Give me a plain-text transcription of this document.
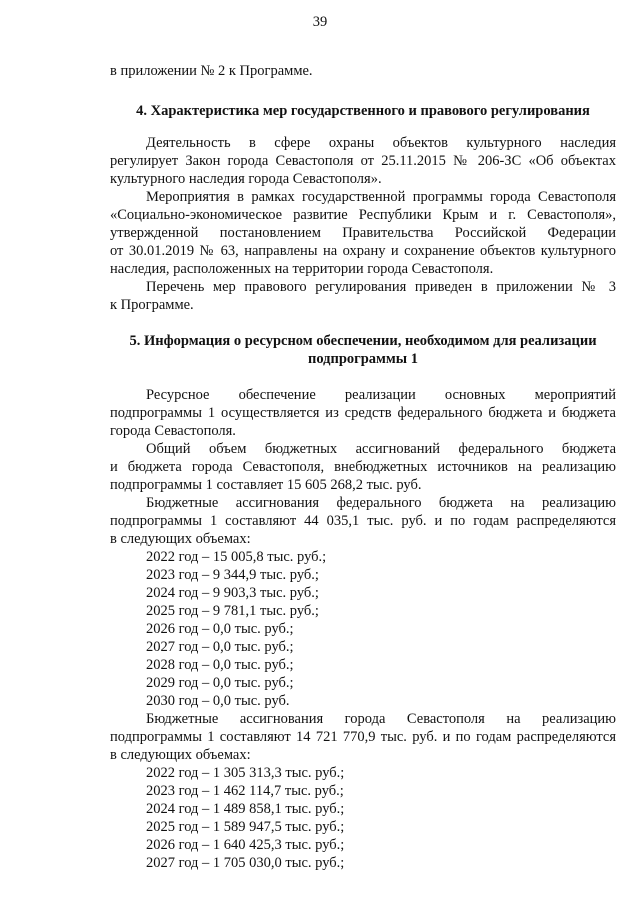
39
в приложении № 2 к Программе.
4. Характеристика мер государственного и правового регулирования
Деятельность в сфере охраны объектов культурного наследия
регулирует Закон города Севастополя от 25.11.2015 № 206-ЗС «Об объектах
культурного наследия города Севастополя».
Мероприятия в рамках государственной программы города Севастополя
«Социально-экономическое развитие Республики Крым и г. Севастополя»,
утвержденной постановлением Правительства Российской Федерации
от 30.01.2019 № 63, направлены на охрану и сохранение объектов культурного
наследия, расположенных на территории города Севастополя.
Перечень мер правового регулирования приведен в приложении № 3
к Программе.
5. Информация о ресурсном обеспечении, необходимом для реализации
подпрограммы 1
Ресурсное обеспечение реализации основных мероприятий
подпрограммы 1 осуществляется из средств федерального бюджета и бюджета
города Севастополя.
Общий объем бюджетных ассигнований федерального бюджета
и бюджета города Севастополя, внебюджетных источников на реализацию
подпрограммы 1 составляет 15 605 268,2 тыс. руб.
Бюджетные ассигнования федерального бюджета на реализацию
подпрограммы 1 составляют 44 035,1 тыс. руб. и по годам распределяются
в следующих объемах:
2022 год – 15 005,8 тыс. руб.;
2023 год – 9 344,9 тыс. руб.;
2024 год – 9 903,3 тыс. руб.;
2025 год – 9 781,1 тыс. руб.;
2026 год – 0,0 тыс. руб.;
2027 год – 0,0 тыс. руб.;
2028 год – 0,0 тыс. руб.;
2029 год – 0,0 тыс. руб.;
2030 год – 0,0 тыс. руб.
Бюджетные ассигнования города Севастополя на реализацию
подпрограммы 1 составляют 14 721 770,9 тыс. руб. и по годам распределяются
в следующих объемах:
2022 год – 1 305 313,3 тыс. руб.;
2023 год – 1 462 114,7 тыс. руб.;
2024 год – 1 489 858,1 тыс. руб.;
2025 год – 1 589 947,5 тыс. руб.;
2026 год – 1 640 425,3 тыс. руб.;
2027 год – 1 705 030,0 тыс. руб.;
